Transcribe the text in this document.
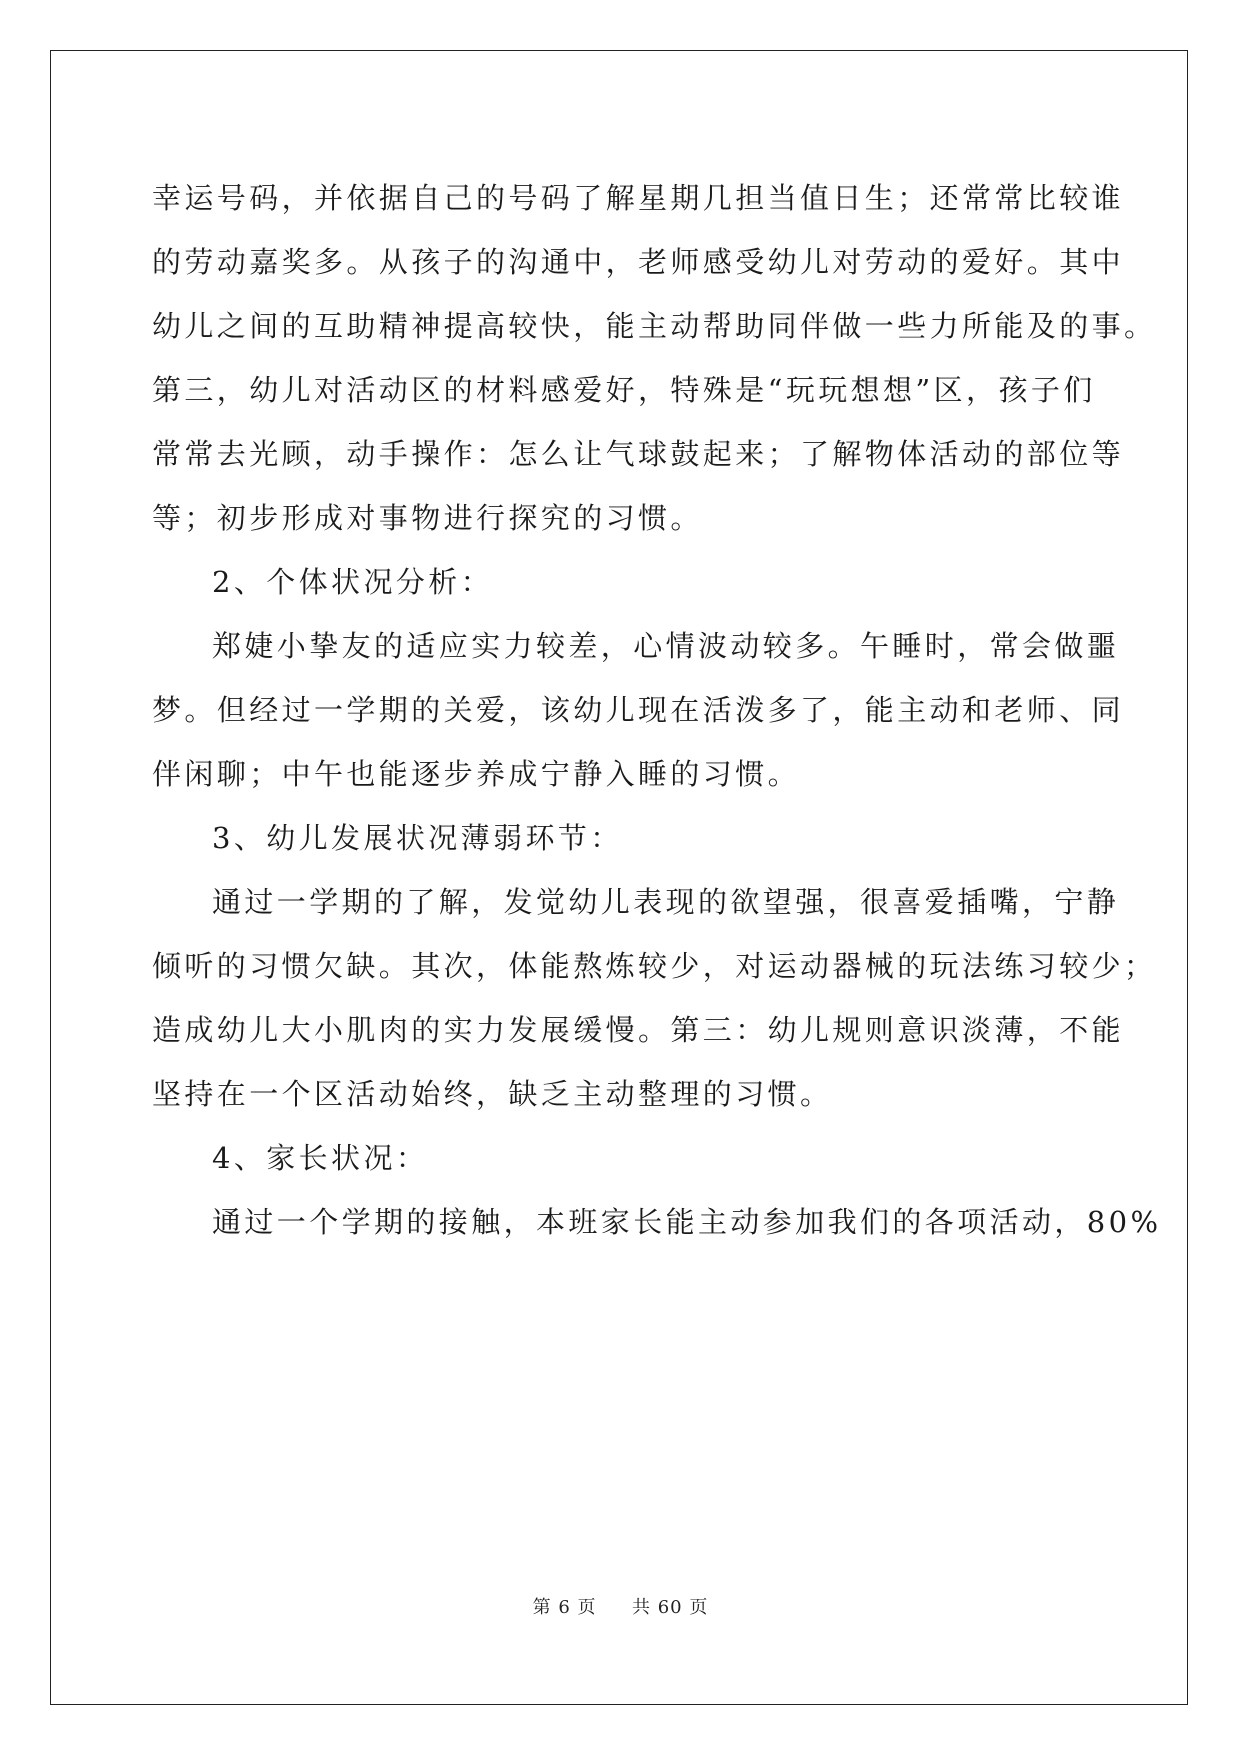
幸运号码，并依据自己的号码了解星期几担当值日生；还常常比较谁

的劳动嘉奖多。从孩子的沟通中，老师感受幼儿对劳动的爱好。其中

幼儿之间的互助精神提高较快，能主动帮助同伴做一些力所能及的事。

第三，幼儿对活动区的材料感爱好，特殊是“玩玩想想”区，孩子们

常常去光顾，动手操作：怎么让气球鼓起来；了解物体活动的部位等

等；初步形成对事物进行探究的习惯。

2、个体状况分析：

郑婕小挚友的适应实力较差，心情波动较多。午睡时，常会做噩

梦。但经过一学期的关爱，该幼儿现在活泼多了，能主动和老师、同

伴闲聊；中午也能逐步养成宁静入睡的习惯。

3、幼儿发展状况薄弱环节：

通过一学期的了解，发觉幼儿表现的欲望强，很喜爱插嘴，宁静

倾听的习惯欠缺。其次，体能熬炼较少，对运动器械的玩法练习较少；

造成幼儿大小肌肉的实力发展缓慢。第三：幼儿规则意识淡薄，不能

坚持在一个区活动始终，缺乏主动整理的习惯。

4、家长状况：

通过一个学期的接触，本班家长能主动参加我们的各项活动，80%

第 6 页 共 60 页
